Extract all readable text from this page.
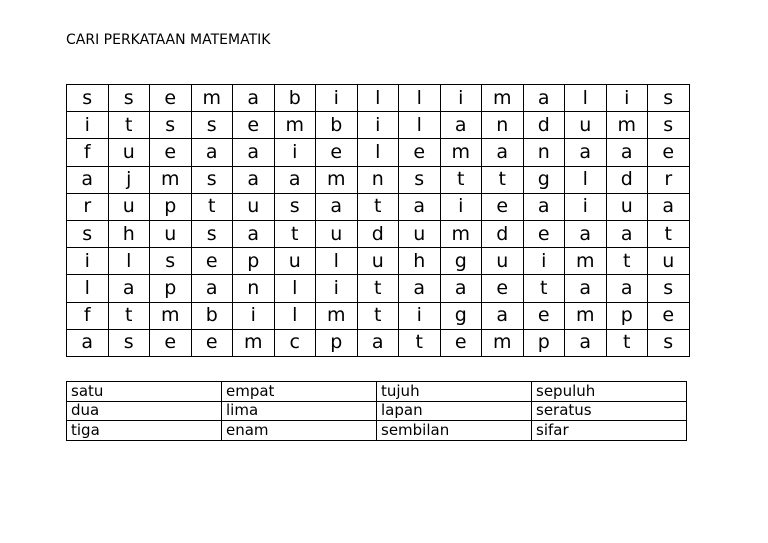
CARI PERKATAAN MATEMATIK
s	s	e	m	a	b	i	l	l	i	m	a	l	i	s
i	t	s	s	e	m	b	i	l	a	n	d	u	m	s
f	u	e	a	a	i	e	l	e	m	a	n	a	a	e
a	j	m	s	a	a	m	n	s	t	t	g	l	d	r
r	u	p	t	u	s	a	t	a	i	e	a	i	u	a
s	h	u	s	a	t	u	d	u	m	d	e	a	a	t
i	l	s	e	p	u	l	u	h	g	u	i	m	t	u
l	a	p	a	n	l	i	t	a	a	e	t	a	a	s
f	t	m	b	i	l	m	t	i	g	a	e	m	p	e
a	s	e	e	m	c	p	a	t	e	m	p	a	t	s
satu	empat	tujuh	sepuluh
dua	lima	lapan	seratus
tiga	enam	sembilan	sifar
